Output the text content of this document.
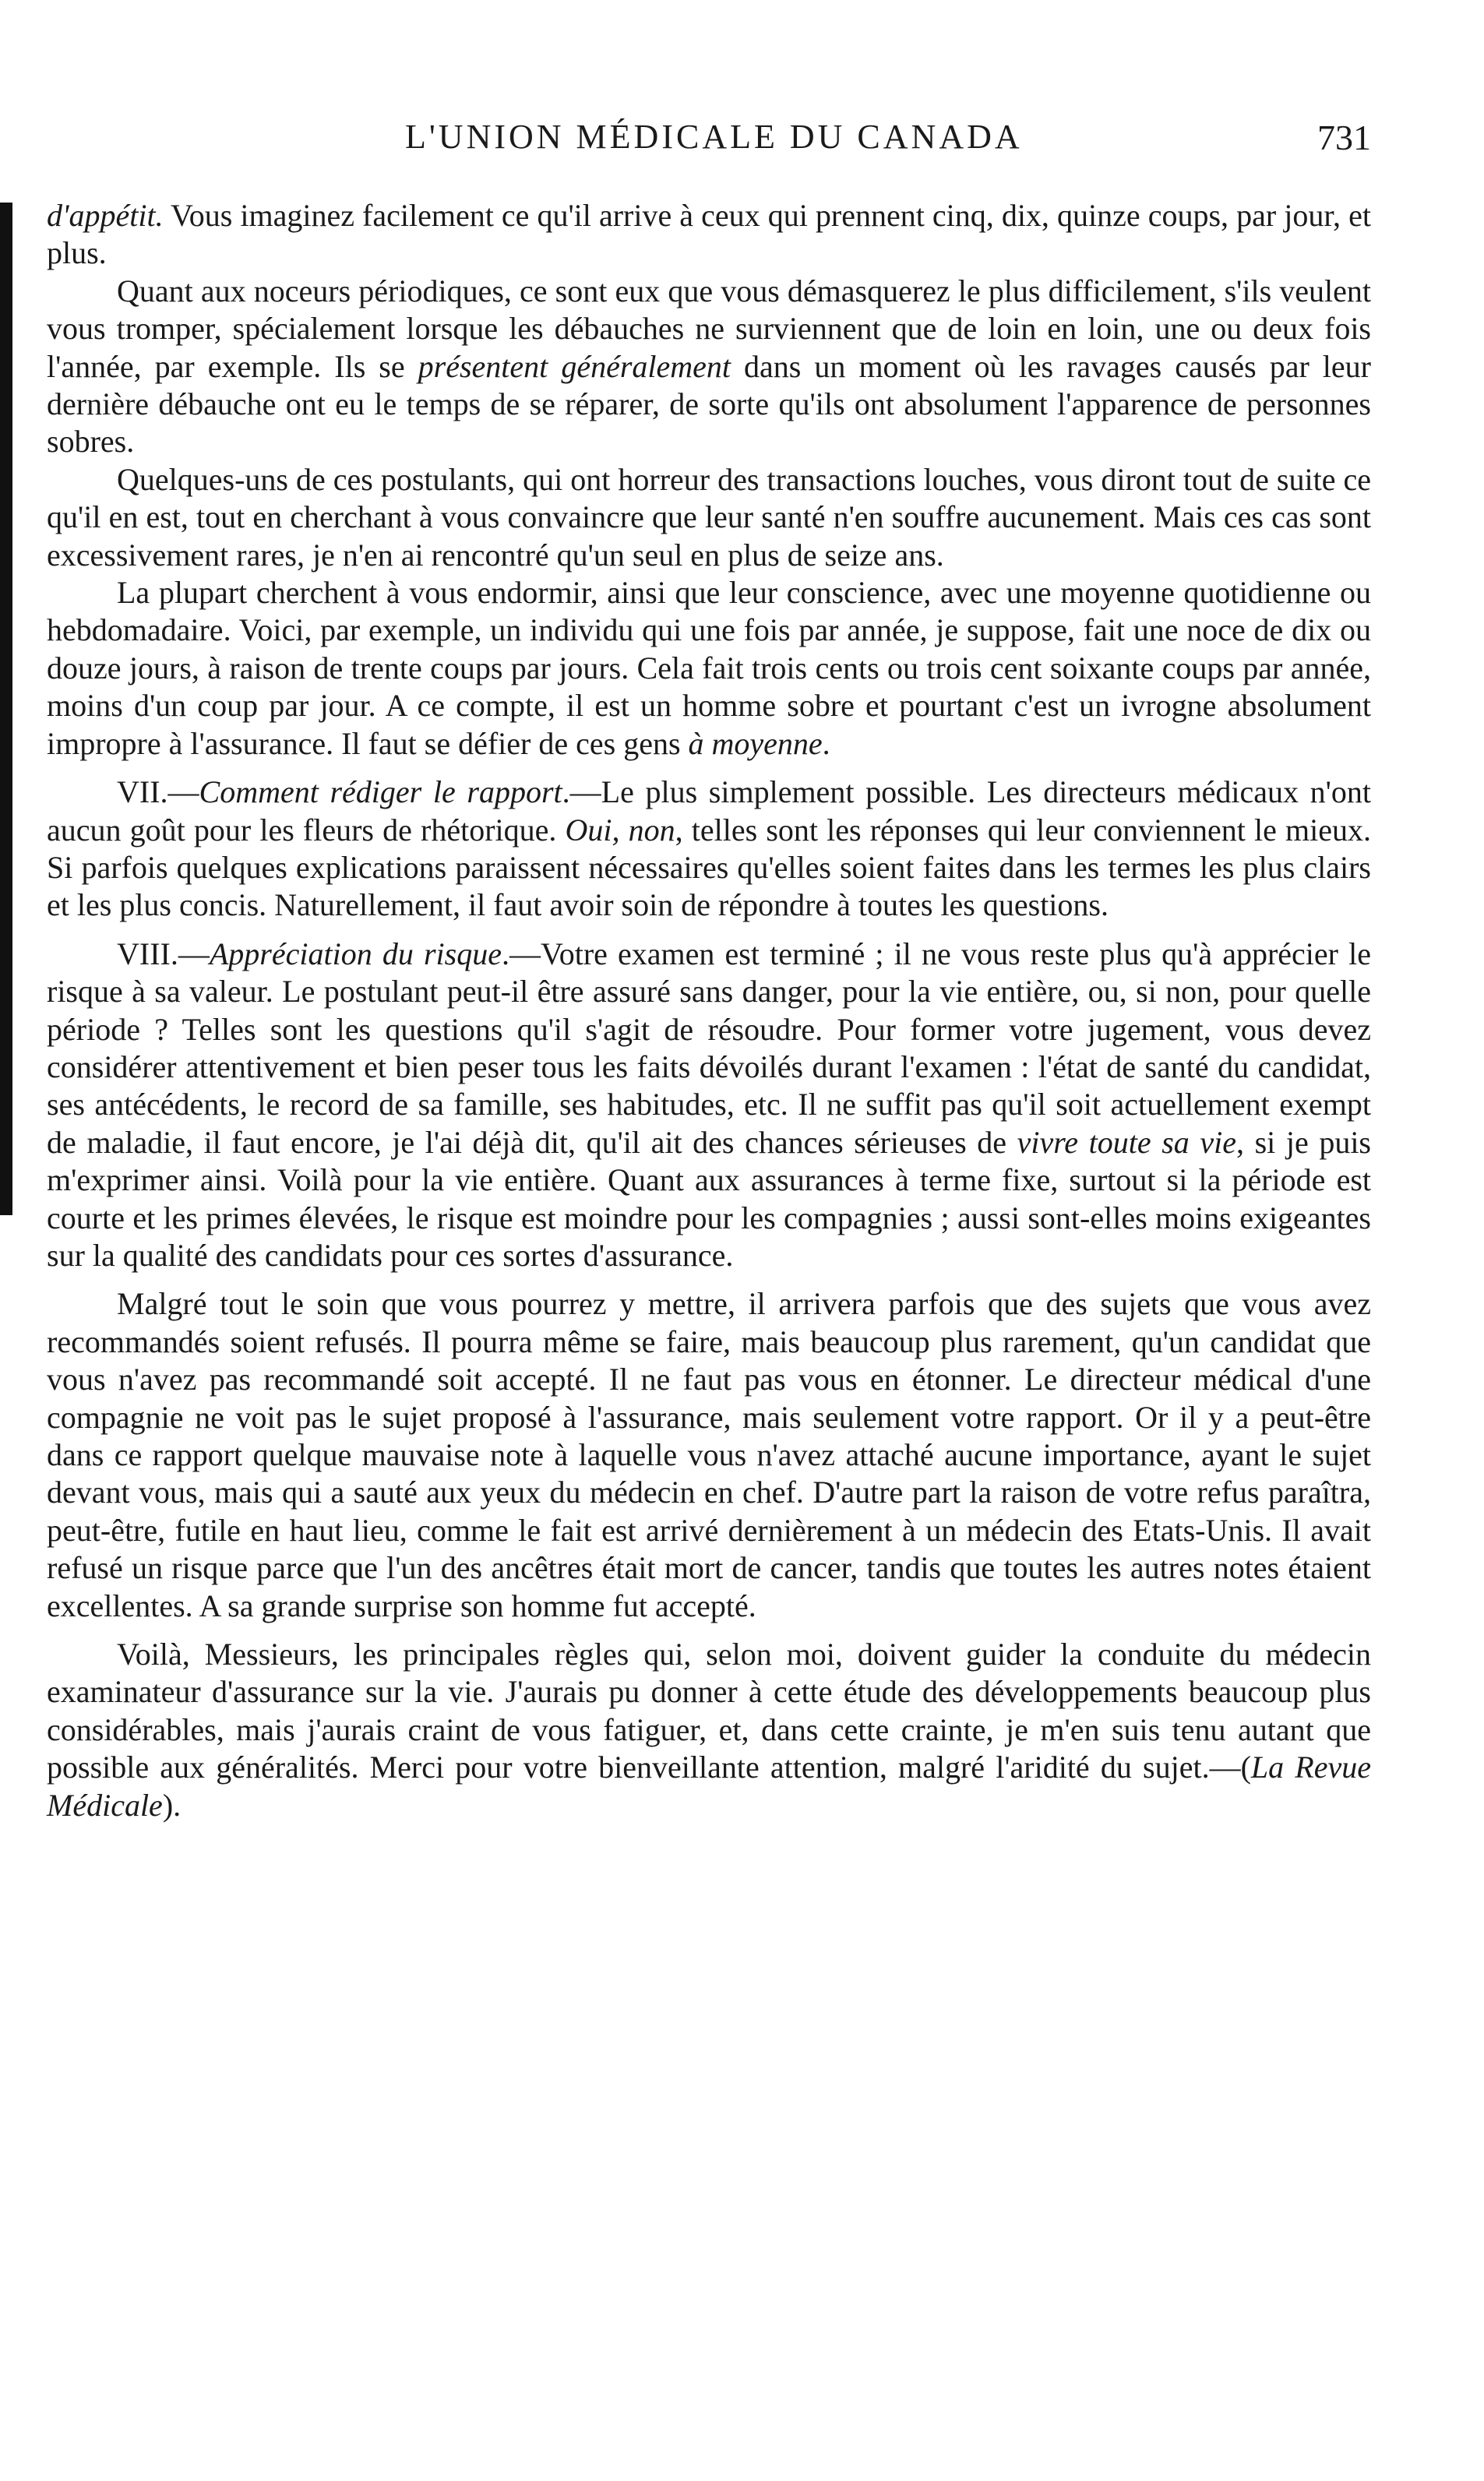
L'UNION MÉDICALE DU CANADA	731

d'appétit. Vous imaginez facilement ce qu'il arrive à ceux qui prennent cinq, dix, quinze coups, par jour, et plus.

Quant aux noceurs périodiques, ce sont eux que vous démasquerez le plus difficilement, s'ils veulent vous tromper, spécialement lorsque les débauches ne surviennent que de loin en loin, une ou deux fois l'année, par exemple. Ils se présentent généralement dans un moment où les ravages causés par leur dernière débauche ont eu le temps de se réparer, de sorte qu'ils ont absolument l'apparence de personnes sobres.

Quelques-uns de ces postulants, qui ont horreur des transactions louches, vous diront tout de suite ce qu'il en est, tout en cherchant à vous convaincre que leur santé n'en souffre aucunement. Mais ces cas sont excessivement rares, je n'en ai rencontré qu'un seul en plus de seize ans.

La plupart cherchent à vous endormir, ainsi que leur conscience, avec une moyenne quotidienne ou hebdomadaire. Voici, par exemple, un individu qui une fois par année, je suppose, fait une noce de dix ou douze jours, à raison de trente coups par jours. Cela fait trois cents ou trois cent soixante coups par année, moins d'un coup par jour. A ce compte, il est un homme sobre et pourtant c'est un ivrogne absolument impropre à l'assurance. Il faut se défier de ces gens à moyenne.

VII.—Comment rédiger le rapport.—Le plus simplement possible. Les directeurs médicaux n'ont aucun goût pour les fleurs de rhétorique. Oui, non, telles sont les réponses qui leur conviennent le mieux. Si parfois quelques explications paraissent nécessaires qu'elles soient faites dans les termes les plus clairs et les plus concis. Naturellement, il faut avoir soin de répondre à toutes les questions.

VIII.—Appréciation du risque.—Votre examen est terminé ; il ne vous reste plus qu'à apprécier le risque à sa valeur. Le postulant peut-il être assuré sans danger, pour la vie entière, ou, si non, pour quelle période ? Telles sont les questions qu'il s'agit de résoudre. Pour former votre jugement, vous devez considérer attentivement et bien peser tous les faits dévoilés durant l'examen : l'état de santé du candidat, ses antécédents, le record de sa famille, ses habitudes, etc. Il ne suffit pas qu'il soit actuellement exempt de maladie, il faut encore, je l'ai déjà dit, qu'il ait des chances sérieuses de vivre toute sa vie, si je puis m'exprimer ainsi. Voilà pour la vie entière. Quant aux assurances à terme fixe, surtout si la période est courte et les primes élevées, le risque est moindre pour les compagnies ; aussi sont-elles moins exigeantes sur la qualité des candidats pour ces sortes d'assurance.

Malgré tout le soin que vous pourrez y mettre, il arrivera parfois que des sujets que vous avez recommandés soient refusés. Il pourra même se faire, mais beaucoup plus rarement, qu'un candidat que vous n'avez pas recommandé soit accepté. Il ne faut pas vous en étonner. Le directeur médical d'une compagnie ne voit pas le sujet proposé à l'assurance, mais seulement votre rapport. Or il y a peut-être dans ce rapport quelque mauvaise note à laquelle vous n'avez attaché aucune importance, ayant le sujet devant vous, mais qui a sauté aux yeux du médecin en chef. D'autre part la raison de votre refus paraîtra, peut-être, futile en haut lieu, comme le fait est arrivé dernièrement à un médecin des Etats-Unis. Il avait refusé un risque parce que l'un des ancêtres était mort de cancer, tandis que toutes les autres notes étaient excellentes. A sa grande surprise son homme fut accepté.

Voilà, Messieurs, les principales règles qui, selon moi, doivent guider la conduite du médecin examinateur d'assurance sur la vie. J'aurais pu donner à cette étude des développements beaucoup plus considérables, mais j'aurais craint de vous fatiguer, et, dans cette crainte, je m'en suis tenu autant que possible aux généralités. Merci pour votre bienveillante attention, malgré l'aridité du sujet.—(La Revue Médicale).
